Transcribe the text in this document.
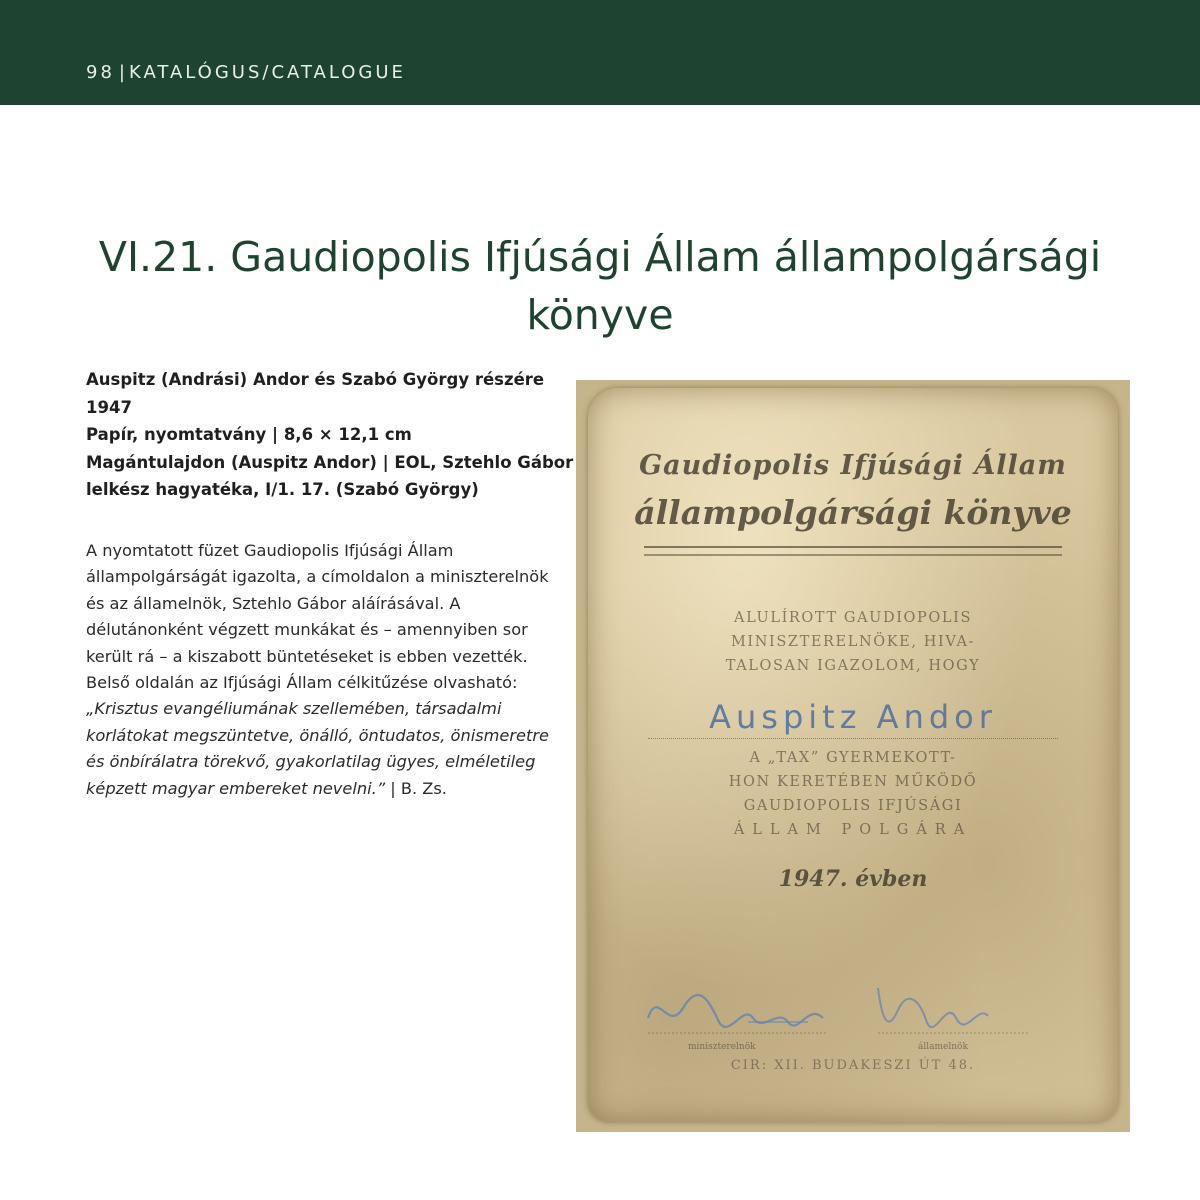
98 | KATALÓGUS/CATALOGUE
VI.21. Gaudiopolis Ifjúsági Állam állampolgársági
könyve
Auspitz (Andrási) Andor és Szabó György részére
1947
Papír, nyomtatvány | 8,6 × 12,1 cm
Magántulajdon (Auspitz Andor) | EOL, Sztehlo Gábor
lelkész hagyatéka, I/1. 17. (Szabó György)

A nyomtatott füzet Gaudiopolis Ifjúsági Állam állampolgárságát igazolta, a címoldalon a miniszterelnök és az államelnök, Sztehlo Gábor aláírásával. A délutánonként végzett munkákat és – amennyiben sor került rá – a kiszabott büntetéseket is ebben vezették. Belső oldalán az Ifjúsági Állam célkitűzése olvasható: „Krisztus evangéliumának szellemében, társadalmi korlátokat megszüntetve, önálló, öntudatos, önismeretre és önbírálatra törekvő, gyakorlatilag ügyes, elméletileg képzett magyar embereket nevelni.” | B. Zs.

Gaudiopolis Ifjúsági Állam
állampolgársági könyve
ALULÍROTT GAUDIOPOLIS
MINISZTERELNÖKE, HIVA-
TALOSAN IGAZOLOM, HOGY
Auspitz Andor
A „TAX” GYERMEKOTT-
HON KERETÉBEN MŰKÖDŐ
GAUDIOPOLIS IFJÚSÁGI
ÁLLAM POLGÁRA
1947. évben
miniszterelnök	államelnök
CIR: XII. BUDAKESZI ÚT 48.
